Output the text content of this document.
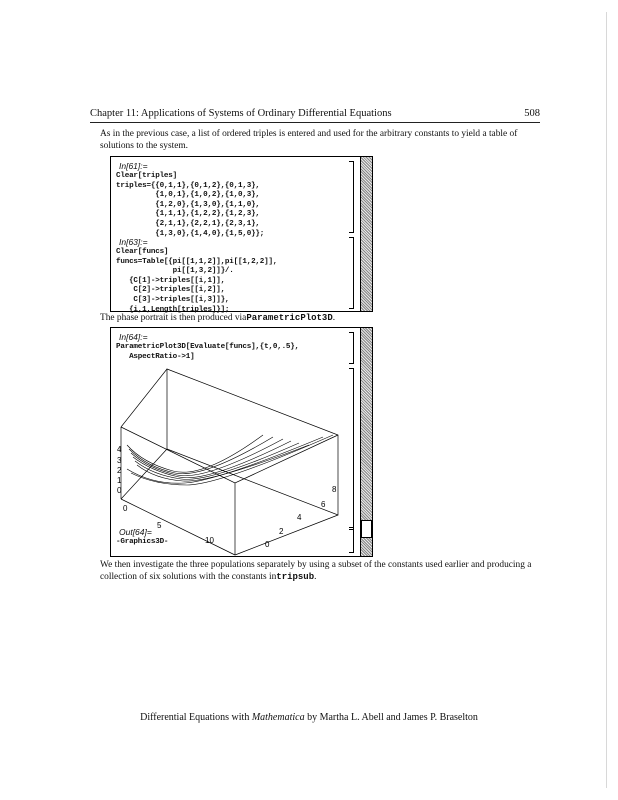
Chapter 11: Applications of Systems of Ordinary Differential Equations	508
As in the previous case, a list of ordered triples is entered and used for the arbitrary constants to yield a table of solutions to the system.
In[61]:=
Clear[triples]
triples={{0,1,1},{0,1,2},{0,1,3},
{1,0,1},{1,0,2},{1,0,3},
{1,2,0},{1,3,0},{1,1,0},
{1,1,1},{1,2,2},{1,2,3},
{2,1,1},{2,2,1},{2,3,1},
{1,3,0},{1,4,0},{1,5,0}};
In[63]:=
Clear[funcs]
funcs=Table[{pi[[1,1,2]],pi[[1,2,2]],
pi[[1,3,2]]}/.
{C[1]->triples[[i,1]],
C[2]->triples[[i,2]],
C[3]->triples[[i,3]]},
{i,1,Length[triples]}];
The phase portrait is then produced viaParametricPlot3D.
In[64]:=
ParametricPlot3D[Evaluate[funcs],{t,0,.5},
AspectRatio->1]
4
3
2
1
0
0
5
10
8
6
4
2
0
Out[64]=
-Graphics3D-
We then investigate the three populations separately by using a subset of the constants used earlier and producing a collection of six solutions with the constants intripsub.
Differential Equations with Mathematica by Martha L. Abell and James P. Braselton
